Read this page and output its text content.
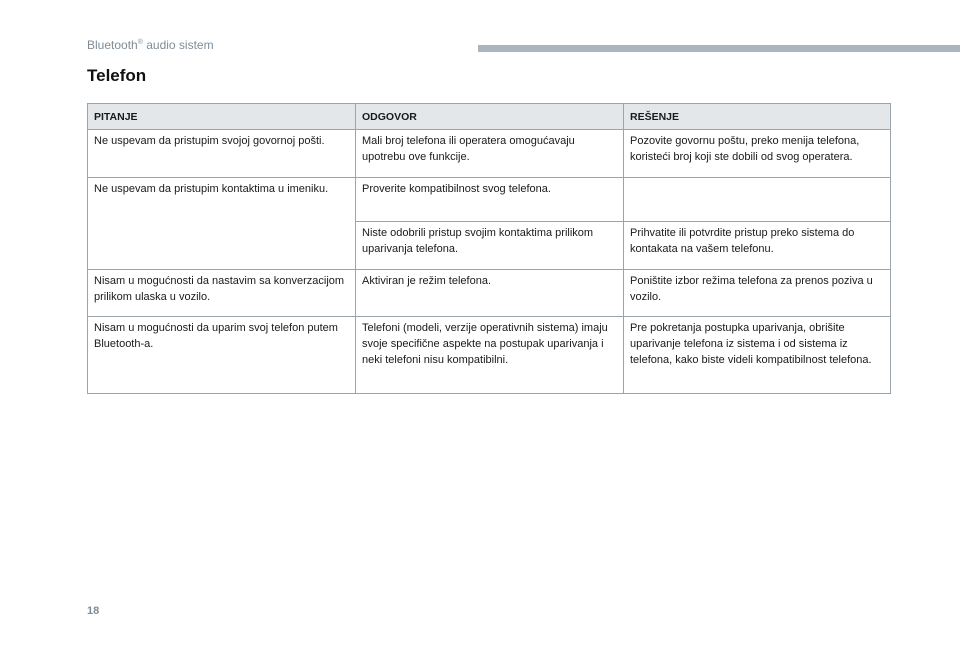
Bluetooth® audio sistem
Telefon
PITANJE	ODGOVOR	REŠENJE
Ne uspevam da pristupim svojoj govornoj pošti.	Mali broj telefona ili operatera omogućavaju upotrebu ove funkcije.	Pozovite govornu poštu, preko menija telefona, koristeći broj koji ste dobili od svog operatera.
Ne uspevam da pristupim kontaktima u imeniku.	Proverite kompatibilnost svog telefona.	
	Niste odobrili pristup svojim kontaktima prilikom uparivanja telefona.	Prihvatite ili potvrdite pristup preko sistema do kontakata na vašem telefonu.
Nisam u mogućnosti da nastavim sa konverzacijom prilikom ulaska u vozilo.	Aktiviran je režim telefona.	Poništite izbor režima telefona za prenos poziva u vozilo.
Nisam u mogućnosti da uparim svoj telefon putem Bluetooth-a.	Telefoni (modeli, verzije operativnih sistema) imaju svoje specifične aspekte na postupak uparivanja i neki telefoni nisu kompatibilni.	Pre pokretanja postupka uparivanja, obrišite uparivanje telefona iz sistema i od sistema iz telefona, kako biste videli kompatibilnost telefona.
18
